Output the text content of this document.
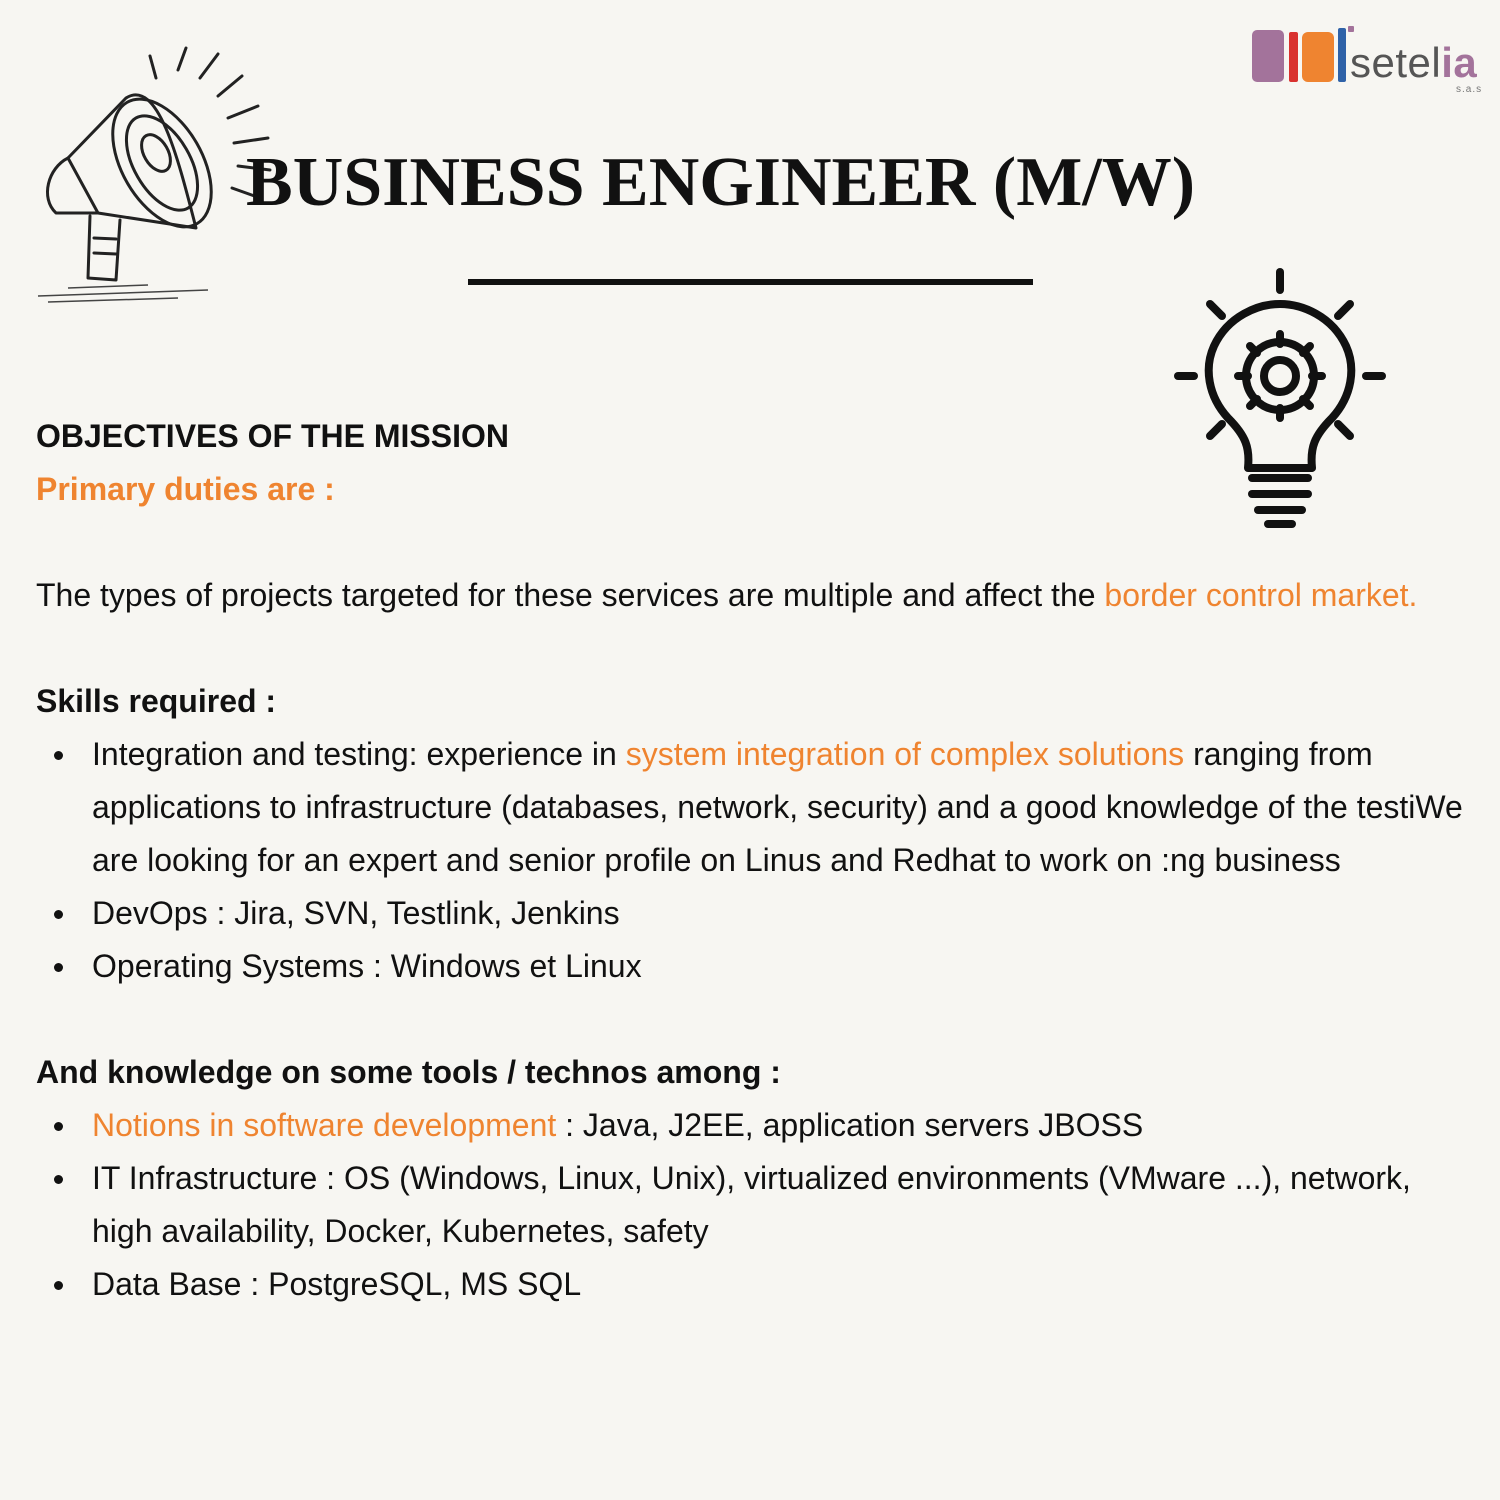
setelia
s.a.s
BUSINESS ENGINEER (M/W)

OBJECTIVES OF THE MISSION

Primary duties are :

The types of projects targeted for these services are multiple and affect the border control market.

Skills required :

Integration and testing: experience in system integration of complex solutions ranging from applications to infrastructure (databases, network, security) and a good knowledge of the testiWe are looking for an expert and senior profile on Linus and Redhat to work on :ng business
DevOps : Jira, SVN, Testlink, Jenkins
Operating Systems : Windows et Linux

And knowledge on some tools / technos among :

Notions in software development : Java, J2EE, application servers JBOSS
IT Infrastructure : OS (Windows, Linux, Unix), virtualized environments (VMware ...), network, high availability, Docker, Kubernetes, safety
Data Base : PostgreSQL, MS SQL
